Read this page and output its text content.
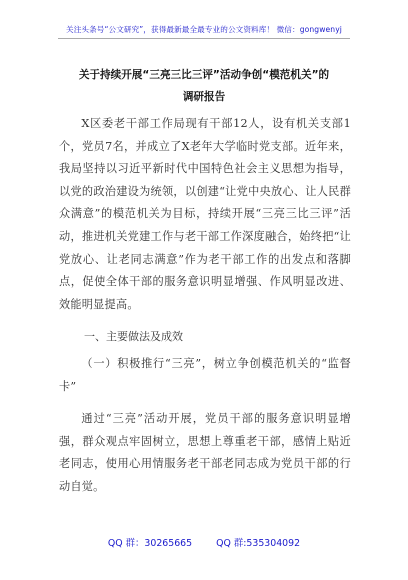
关注头条号“公文研究”，获得最新最全最专业的公文资料库！ 微信：gongwenyj
关于持续开展“三亮三比三评”活动争创“模范机关”的
调研报告

X区委老干部工作局现有干部12人，设有机关支部1个，党员7名，并成立了X老年大学临时党支部。近年来，我局坚持以习近平新时代中国特色社会主义思想为指导，以党的政治建设为统领，以创建“让党中央放心、让人民群众满意”的模范机关为目标，持续开展“三亮三比三评”活动，推进机关党建工作与老干部工作深度融合，始终把“让党放心、让老同志满意”作为老干部工作的出发点和落脚点，促使全体干部的服务意识明显增强、作风明显改进、效能明显提高。

一、主要做法及成效
（一）积极推行“三亮”，树立争创模范机关的“监督卡”
通过“三亮”活动开展，党员干部的服务意识明显增强，群众观点牢固树立，思想上尊重老干部，感情上贴近老同志，使用心用情服务老干部老同志成为党员干部的行动自觉。
QQ 群：30265665	QQ 群:535304092
